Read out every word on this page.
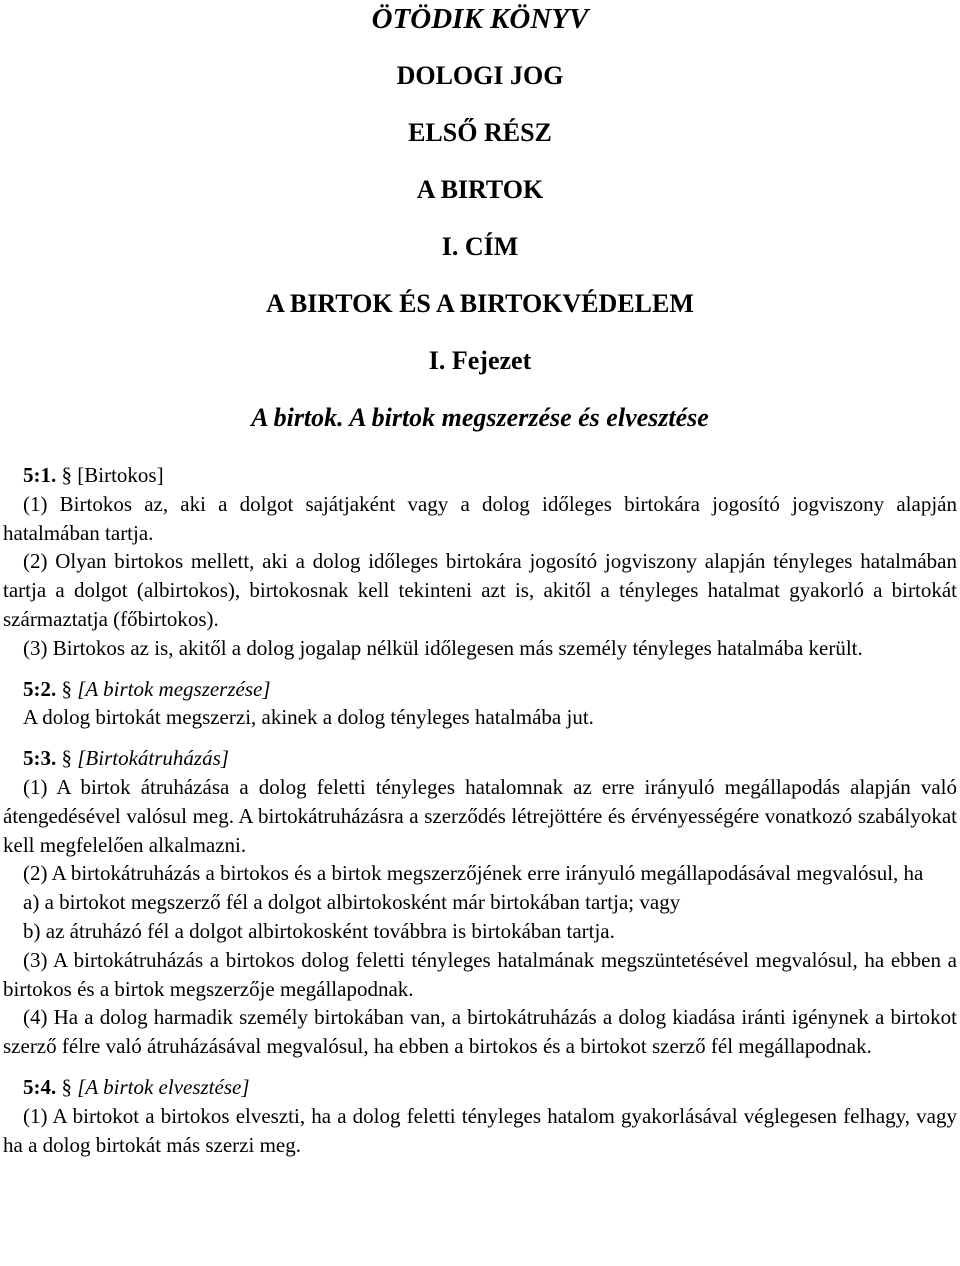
ÖTÖDIK KÖNYV
DOLOGI JOG
ELSŐ RÉSZ
A BIRTOK
I. CÍM
A BIRTOK ÉS A BIRTOKVÉDELEM
I. Fejezet
A birtok. A birtok megszerzése és elvesztése

5:1. § [Birtokos]

(1) Birtokos az, aki a dolgot sajátjaként vagy a dolog időleges birtokára jogosító jogviszony alapján hatalmában tartja.

(2) Olyan birtokos mellett, aki a dolog időleges birtokára jogosító jogviszony alapján tényleges hatalmában tartja a dolgot (albirtokos), birtokosnak kell tekinteni azt is, akitől a tényleges hatalmat gyakorló a birtokát származtatja (főbirtokos).

(3) Birtokos az is, akitől a dolog jogalap nélkül időlegesen más személy tényleges hatalmába került.

5:2. § [A birtok megszerzése]

A dolog birtokát megszerzi, akinek a dolog tényleges hatalmába jut.

5:3. § [Birtokátruházás]

(1) A birtok átruházása a dolog feletti tényleges hatalomnak az erre irányuló megállapodás alapján való átengedésével valósul meg. A birtokátruházásra a szerződés létrejöttére és érvényességére vonatkozó szabályokat kell megfelelően alkalmazni.

(2) A birtokátruházás a birtokos és a birtok megszerzőjének erre irányuló megállapodásával megvalósul, ha

a) a birtokot megszerző fél a dolgot albirtokosként már birtokában tartja; vagy

b) az átruházó fél a dolgot albirtokosként továbbra is birtokában tartja.

(3) A birtokátruházás a birtokos dolog feletti tényleges hatalmának megszüntetésével megvalósul, ha ebben a birtokos és a birtok megszerzője megállapodnak.

(4) Ha a dolog harmadik személy birtokában van, a birtokátruházás a dolog kiadása iránti igénynek a birtokot szerző félre való átruházásával megvalósul, ha ebben a birtokos és a birtokot szerző fél megállapodnak.

5:4. § [A birtok elvesztése]

(1) A birtokot a birtokos elveszti, ha a dolog feletti tényleges hatalom gyakorlásával véglegesen felhagy, vagy ha a dolog birtokát más szerzi meg.
